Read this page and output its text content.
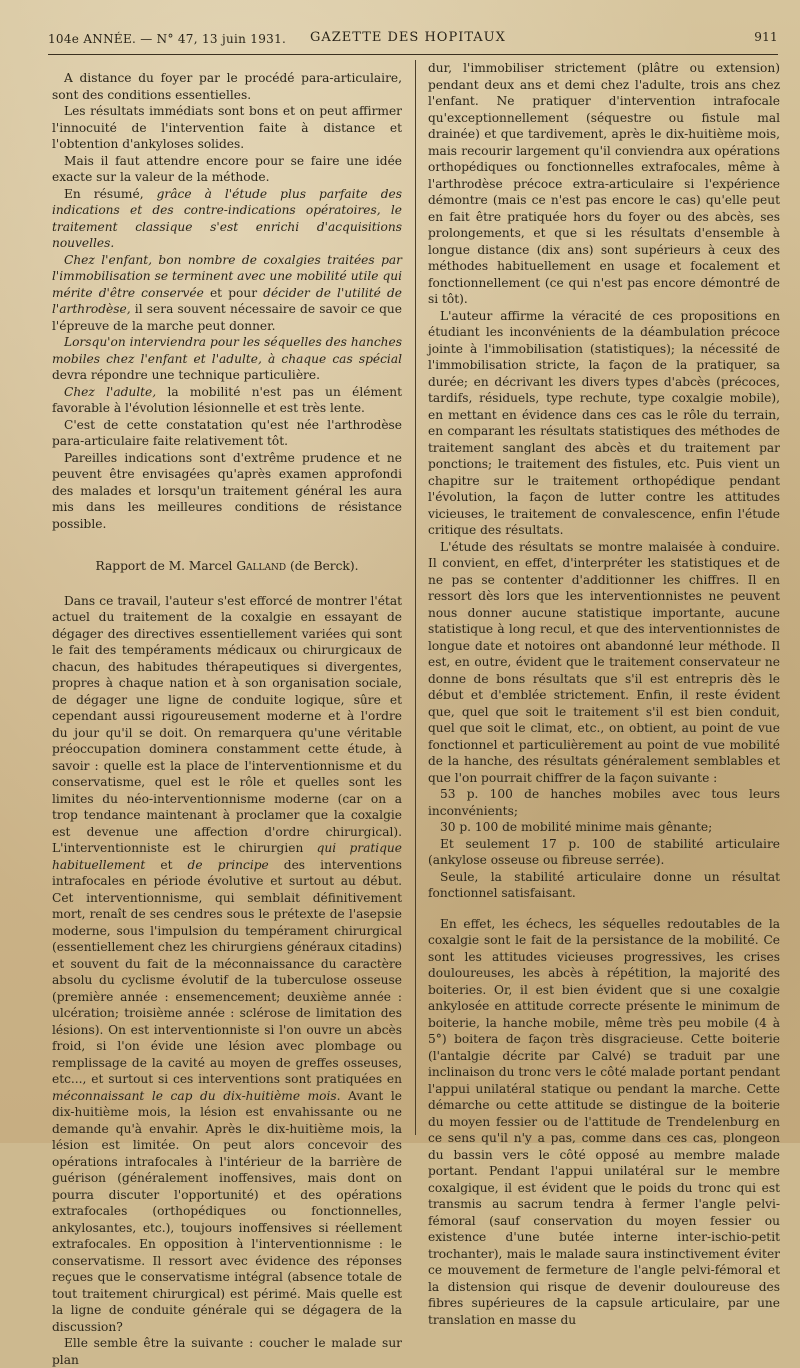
104e ANNÉE. — N° 47, 13 juin 1931. GAZETTE DES HOPITAUX	911

A distance du foyer par le procédé para-articulaire, sont des conditions essentielles.

Les résultats immédiats sont bons et on peut affirmer l'innocuité de l'intervention faite à distance et l'obtention d'ankyloses solides.

Mais il faut attendre encore pour se faire une idée exacte sur la valeur de la méthode.

En résumé, grâce à l'étude plus parfaite des indications et des contre-indications opératoires, le traitement classique s'est enrichi d'acquisitions nouvelles.

Chez l'enfant, bon nombre de coxalgies traitées par l'immobilisation se terminent avec une mobilité utile qui mérite d'être conservée et pour décider de l'utilité de l'arthrodèse, il sera souvent nécessaire de savoir ce que l'épreuve de la marche peut donner.

Lorsqu'on interviendra pour les séquelles des hanches mobiles chez l'enfant et l'adulte, à chaque cas spécial devra répondre une technique particulière.

Chez l'adulte, la mobilité n'est pas un élément favorable à l'évolution lésionnelle et est très lente.

C'est de cette constatation qu'est née l'arthrodèse para-articulaire faite relativement tôt.

Pareilles indications sont d'extrême prudence et ne peuvent être envisagées qu'après examen approfondi des malades et lorsqu'un traitement général les aura mis dans les meilleures conditions de résistance possible.

Rapport de M. Marcel Galland (de Berck).

Dans ce travail, l'auteur s'est efforcé de montrer l'état actuel du traitement de la coxalgie en essayant de dégager des directives essentiellement variées qui sont le fait des tempéraments médicaux ou chirurgicaux de chacun, des habitudes thérapeutiques si divergentes, propres à chaque nation et à son organisation sociale, de dégager une ligne de conduite logique, sûre et cependant aussi rigoureusement moderne et à l'ordre du jour qu'il se doit. On remarquera qu'une véritable préoccupation dominera constamment cette étude, à savoir : quelle est la place de l'interventionnisme et du conservatisme, quel est le rôle et quelles sont les limites du néo-interventionnisme moderne (car on a trop tendance maintenant à proclamer que la coxalgie est devenue une affection d'ordre chirurgical). L'interventionniste est le chirurgien qui pratique habituellement et de principe des interventions intrafocales en période évolutive et surtout au début. Cet interventionnisme, qui semblait définitivement mort, renaît de ses cendres sous le prétexte de l'asepsie moderne, sous l'impulsion du tempérament chirurgical (essentiellement chez les chirurgiens généraux citadins) et souvent du fait de la méconnaissance du caractère absolu du cyclisme évolutif de la tuberculose osseuse (première année : ensemencement; deuxième année : ulcération; troisième année : sclérose de limitation des lésions). On est interventionniste si l'on ouvre un abcès froid, si l'on évide une lésion avec plombage ou remplissage de la cavité au moyen de greffes osseuses, etc..., et surtout si ces interventions sont pratiquées en méconnaissant le cap du dix-huitième mois. Avant le dix-huitième mois, la lésion est envahissante ou ne demande qu'à envahir. Après le dix-huitième mois, la lésion est limitée. On peut alors concevoir des opérations intrafocales à l'intérieur de la barrière de guérison (généralement inoffensives, mais dont on pourra discuter l'opportunité) et des opérations extrafocales (orthopédiques ou fonctionnelles, ankylosantes, etc.), toujours inoffensives si réellement extrafocales. En opposition à l'interventionnisme : le conservatisme. Il ressort avec évidence des réponses reçues que le conservatisme intégral (absence totale de tout traitement chirurgical) est périmé. Mais quelle est la ligne de conduite générale qui se dégagera de la discussion?

Elle semble être la suivante : coucher le malade sur plan

dur, l'immobiliser strictement (plâtre ou extension) pendant deux ans et demi chez l'adulte, trois ans chez l'enfant. Ne pratiquer d'intervention intrafocale qu'exceptionnellement (séquestre ou fistule mal drainée) et que tardivement, après le dix-huitième mois, mais recourir largement qu'il conviendra aux opérations orthopédiques ou fonctionnelles extrafocales, même à l'arthrodèse précoce extra-articulaire si l'expérience démontre (mais ce n'est pas encore le cas) qu'elle peut en fait être pratiquée hors du foyer ou des abcès, ses prolongements, et que si les résultats d'ensemble à longue distance (dix ans) sont supérieurs à ceux des méthodes habituellement en usage et focalement et fonctionnellement (ce qui n'est pas encore démontré de si tôt).

L'auteur affirme la véracité de ces propositions en étudiant les inconvénients de la déambulation précoce jointe à l'immobilisation (statistiques); la nécessité de l'immobilisation stricte, la façon de la pratiquer, sa durée; en décrivant les divers types d'abcès (précoces, tardifs, résiduels, type rechute, type coxalgie mobile), en mettant en évidence dans ces cas le rôle du terrain, en comparant les résultats statistiques des méthodes de traitement sanglant des abcès et du traitement par ponctions; le traitement des fistules, etc. Puis vient un chapitre sur le traitement orthopédique pendant l'évolution, la façon de lutter contre les attitudes vicieuses, le traitement de convalescence, enfin l'étude critique des résultats.

L'étude des résultats se montre malaisée à conduire. Il convient, en effet, d'interpréter les statistiques et de ne pas se contenter d'additionner les chiffres. Il en ressort dès lors que les interventionnistes ne peuvent nous donner aucune statistique importante, aucune statistique à long recul, et que des interventionnistes de longue date et notoires ont abandonné leur méthode. Il est, en outre, évident que le traitement conservateur ne donne de bons résultats que s'il est entrepris dès le début et d'emblée strictement. Enfin, il reste évident que, quel que soit le traitement s'il est bien conduit, quel que soit le climat, etc., on obtient, au point de vue fonctionnel et particulièrement au point de vue mobilité de la hanche, des résultats généralement semblables et que l'on pourrait chiffrer de la façon suivante :

53 p. 100 de hanches mobiles avec tous leurs inconvénients;

30 p. 100 de mobilité minime mais gênante;

Et seulement 17 p. 100 de stabilité articulaire (ankylose osseuse ou fibreuse serrée).

Seule, la stabilité articulaire donne un résultat fonctionnel satisfaisant.

En effet, les échecs, les séquelles redoutables de la coxalgie sont le fait de la persistance de la mobilité. Ce sont les attitudes vicieuses progressives, les crises douloureuses, les abcès à répétition, la majorité des boiteries. Or, il est bien évident que si une coxalgie ankylosée en attitude correcte présente le minimum de boiterie, la hanche mobile, même très peu mobile (4 à 5°) boitera de façon très disgracieuse. Cette boiterie (l'antalgie décrite par Calvé) se traduit par une inclinaison du tronc vers le côté malade portant pendant l'appui unilatéral statique ou pendant la marche. Cette démarche ou cette attitude se distingue de la boiterie du moyen fessier ou de l'attitude de Trendelenburg en ce sens qu'il n'y a pas, comme dans ces cas, plongeon du bassin vers le côté opposé au membre malade portant. Pendant l'appui unilatéral sur le membre coxalgique, il est évident que le poids du tronc qui est transmis au sacrum tendra à fermer l'angle pelvi-fémoral (sauf conservation du moyen fessier ou existence d'une butée interne inter-ischio-petit trochanter), mais le malade saura instinctivement éviter ce mouvement de fermeture de l'angle pelvi-fémoral et la distension qui risque de devenir douloureuse des fibres supérieures de la capsule articulaire, par une translation en masse du
